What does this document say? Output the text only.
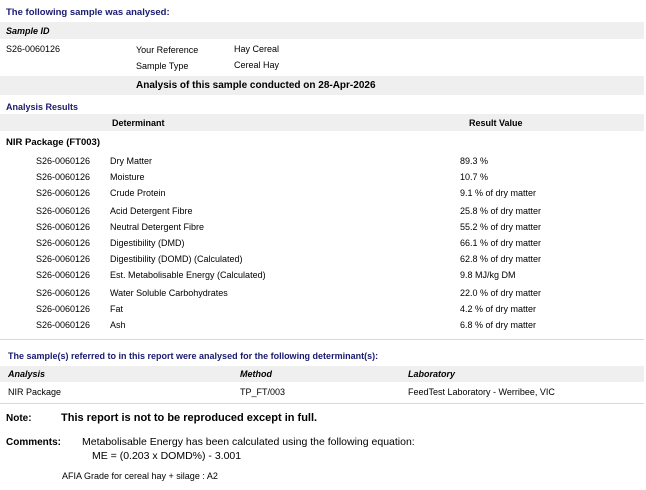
The following sample was analysed:
Sample ID
S26-0060126	Your Reference	Hay Cereal
Sample Type	Cereal Hay
Analysis of this sample conducted on 28-Apr-2026
Analysis Results
Determinant	Result Value
NIR Package (FT003)
S26-0060126 Dry Matter	89.3 %
S26-0060126 Moisture	10.7 %
S26-0060126 Crude Protein	9.1 % of dry matter
S26-0060126 Acid Detergent Fibre	25.8 % of dry matter
S26-0060126 Neutral Detergent Fibre	55.2 % of dry matter
S26-0060126 Digestibility (DMD)	66.1 % of dry matter
S26-0060126 Digestibility (DOMD) (Calculated)	62.8 % of dry matter
S26-0060126 Est. Metabolisable Energy (Calculated)	9.8 MJ/kg DM
S26-0060126 Water Soluble Carbohydrates	22.0 % of dry matter
S26-0060126 Fat	4.2 % of dry matter
S26-0060126 Ash	6.8 % of dry matter
The sample(s) referred to in this report were analysed for the following determinant(s):
Analysis	Method	Laboratory
NIR Package	TP_FT/003	FeedTest Laboratory - Werribee, VIC
Note:	This report is not to be reproduced except in full.
Comments: Metabolisable Energy has been calculated using the following equation:
ME = (0.203 x DOMD%) - 3.001
AFIA Grade for cereal hay + silage : A2
